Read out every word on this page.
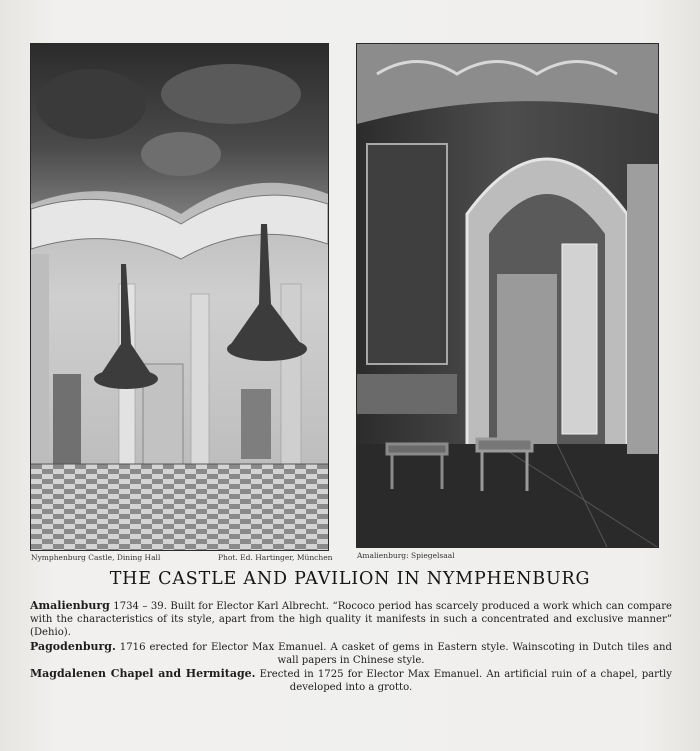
Nymphenburg Castle, Dining Hall	Phot. Ed. Hartinger, München	Amalienburg: Spiegelsaal
THE CASTLE AND PAVILION IN NYMPHENBURG

Amalienburg 1734 – 39. Built for Elector Karl Albrecht. “Rococo period has scarcely produced a work which can compare with the characteristics of its style, apart from the high quality it manifests in such a concentrated and exclusive manner” (Dehio).

Pagodenburg. 1716 erected for Elector Max Emanuel. A casket of gems in Eastern style. Wainscoting in Dutch tiles and wall papers in Chinese style.

Magdalenen Chapel and Hermitage. Erected in 1725 for Elector Max Emanuel. An artificial ruin of a chapel, partly developed into a grotto.
